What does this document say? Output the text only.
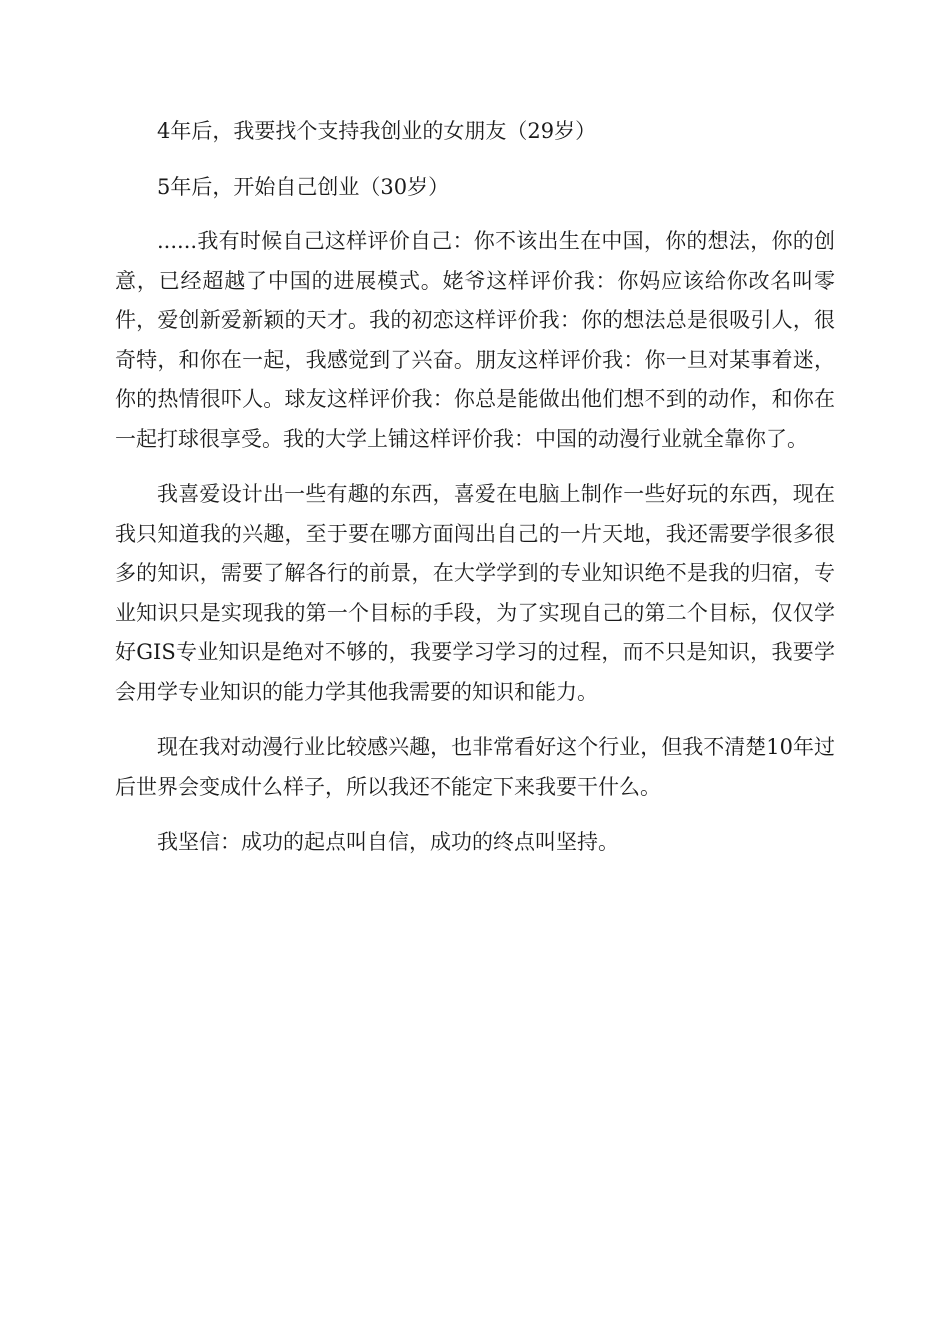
4年后，我要找个支持我创业的女朋友（29岁）

5年后，开始自己创业（30岁）

......我有时候自己这样评价自己：你不该出生在中国，你的想法，你的创意，已经超越了中国的进展模式。姥爷这样评价我：你妈应该给你改名叫零件，爱创新爱新颖的天才。我的初恋这样评价我：你的想法总是很吸引人，很奇特，和你在一起，我感觉到了兴奋。朋友这样评价我：你一旦对某事着迷，你的热情很吓人。球友这样评价我：你总是能做出他们想不到的动作，和你在一起打球很享受。我的大学上铺这样评价我：中国的动漫行业就全靠你了。

我喜爱设计出一些有趣的东西，喜爱在电脑上制作一些好玩的东西，现在我只知道我的兴趣，至于要在哪方面闯出自己的一片天地，我还需要学很多很多的知识，需要了解各行的前景，在大学学到的专业知识绝不是我的归宿，专业知识只是实现我的第一个目标的手段，为了实现自己的第二个目标，仅仅学好GIS专业知识是绝对不够的，我要学习学习的过程，而不只是知识，我要学会用学专业知识的能力学其他我需要的知识和能力。

现在我对动漫行业比较感兴趣，也非常看好这个行业，但我不清楚10年过后世界会变成什么样子，所以我还不能定下来我要干什么。

我坚信：成功的起点叫自信，成功的终点叫坚持。
